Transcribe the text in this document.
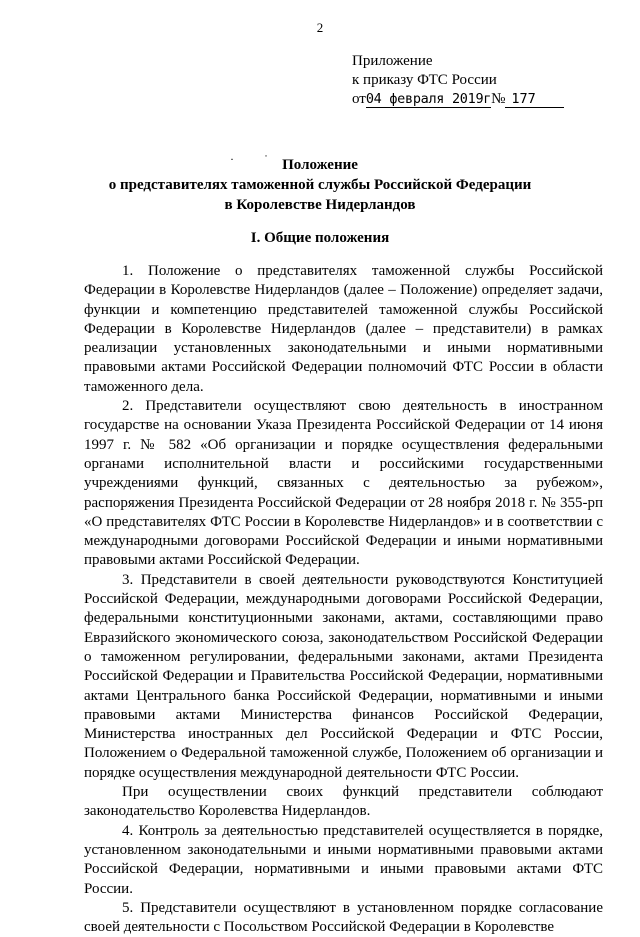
2
Приложение
к приказу ФТС России
от04 февраля 2019г№ 177
·˙
Положение
о представителях таможенной службы Российской Федерации
в Королевстве Нидерландов
I. Общие положения

1. Положение о представителях таможенной службы Российской Федерации в Королевстве Нидерландов (далее – Положение) определяет задачи, функции и компетенцию представителей таможенной службы Российской Федерации в Королевстве Нидерландов (далее – представители) в рамках реализации установленных законодательными и иными нормативными правовыми актами Российской Федерации полномочий ФТС России в области таможенного дела.

2. Представители осуществляют свою деятельность в иностранном государстве на основании Указа Президента Российской Федерации от 14 июня 1997 г. № 582 «Об организации и порядке осуществления федеральными органами исполнительной власти и российскими государственными учреждениями функций, связанных с деятельностью за рубежом», распоряжения Президента Российской Федерации от 28 ноября 2018 г. № 355-рп «О представителях ФТС России в Королевстве Нидерландов» и в соответствии с международными договорами Российской Федерации и иными нормативными правовыми актами Российской Федерации.

3. Представители в своей деятельности руководствуются Конституцией Российской Федерации, международными договорами Российской Федерации, федеральными конституционными законами, актами, составляющими право Евразийского экономического союза, законодательством Российской Федерации о таможенном регулировании, федеральными законами, актами Президента Российской Федерации и Правительства Российской Федерации, нормативными актами Центрального банка Российской Федерации, нормативными и иными правовыми актами Министерства финансов Российской Федерации, Министерства иностранных дел Российской Федерации и ФТС России, Положением о Федеральной таможенной службе, Положением об организации и порядке осуществления международной деятельности ФТС России.

При осуществлении своих функций представители соблюдают законодательство Королевства Нидерландов.

4. Контроль за деятельностью представителей осуществляется в порядке, установленном законодательными и иными нормативными правовыми актами Российской Федерации, нормативными и иными правовыми актами ФТС России.

5. Представители осуществляют в установленном порядке согласование своей деятельности с Посольством Российской Федерации в Королевстве
